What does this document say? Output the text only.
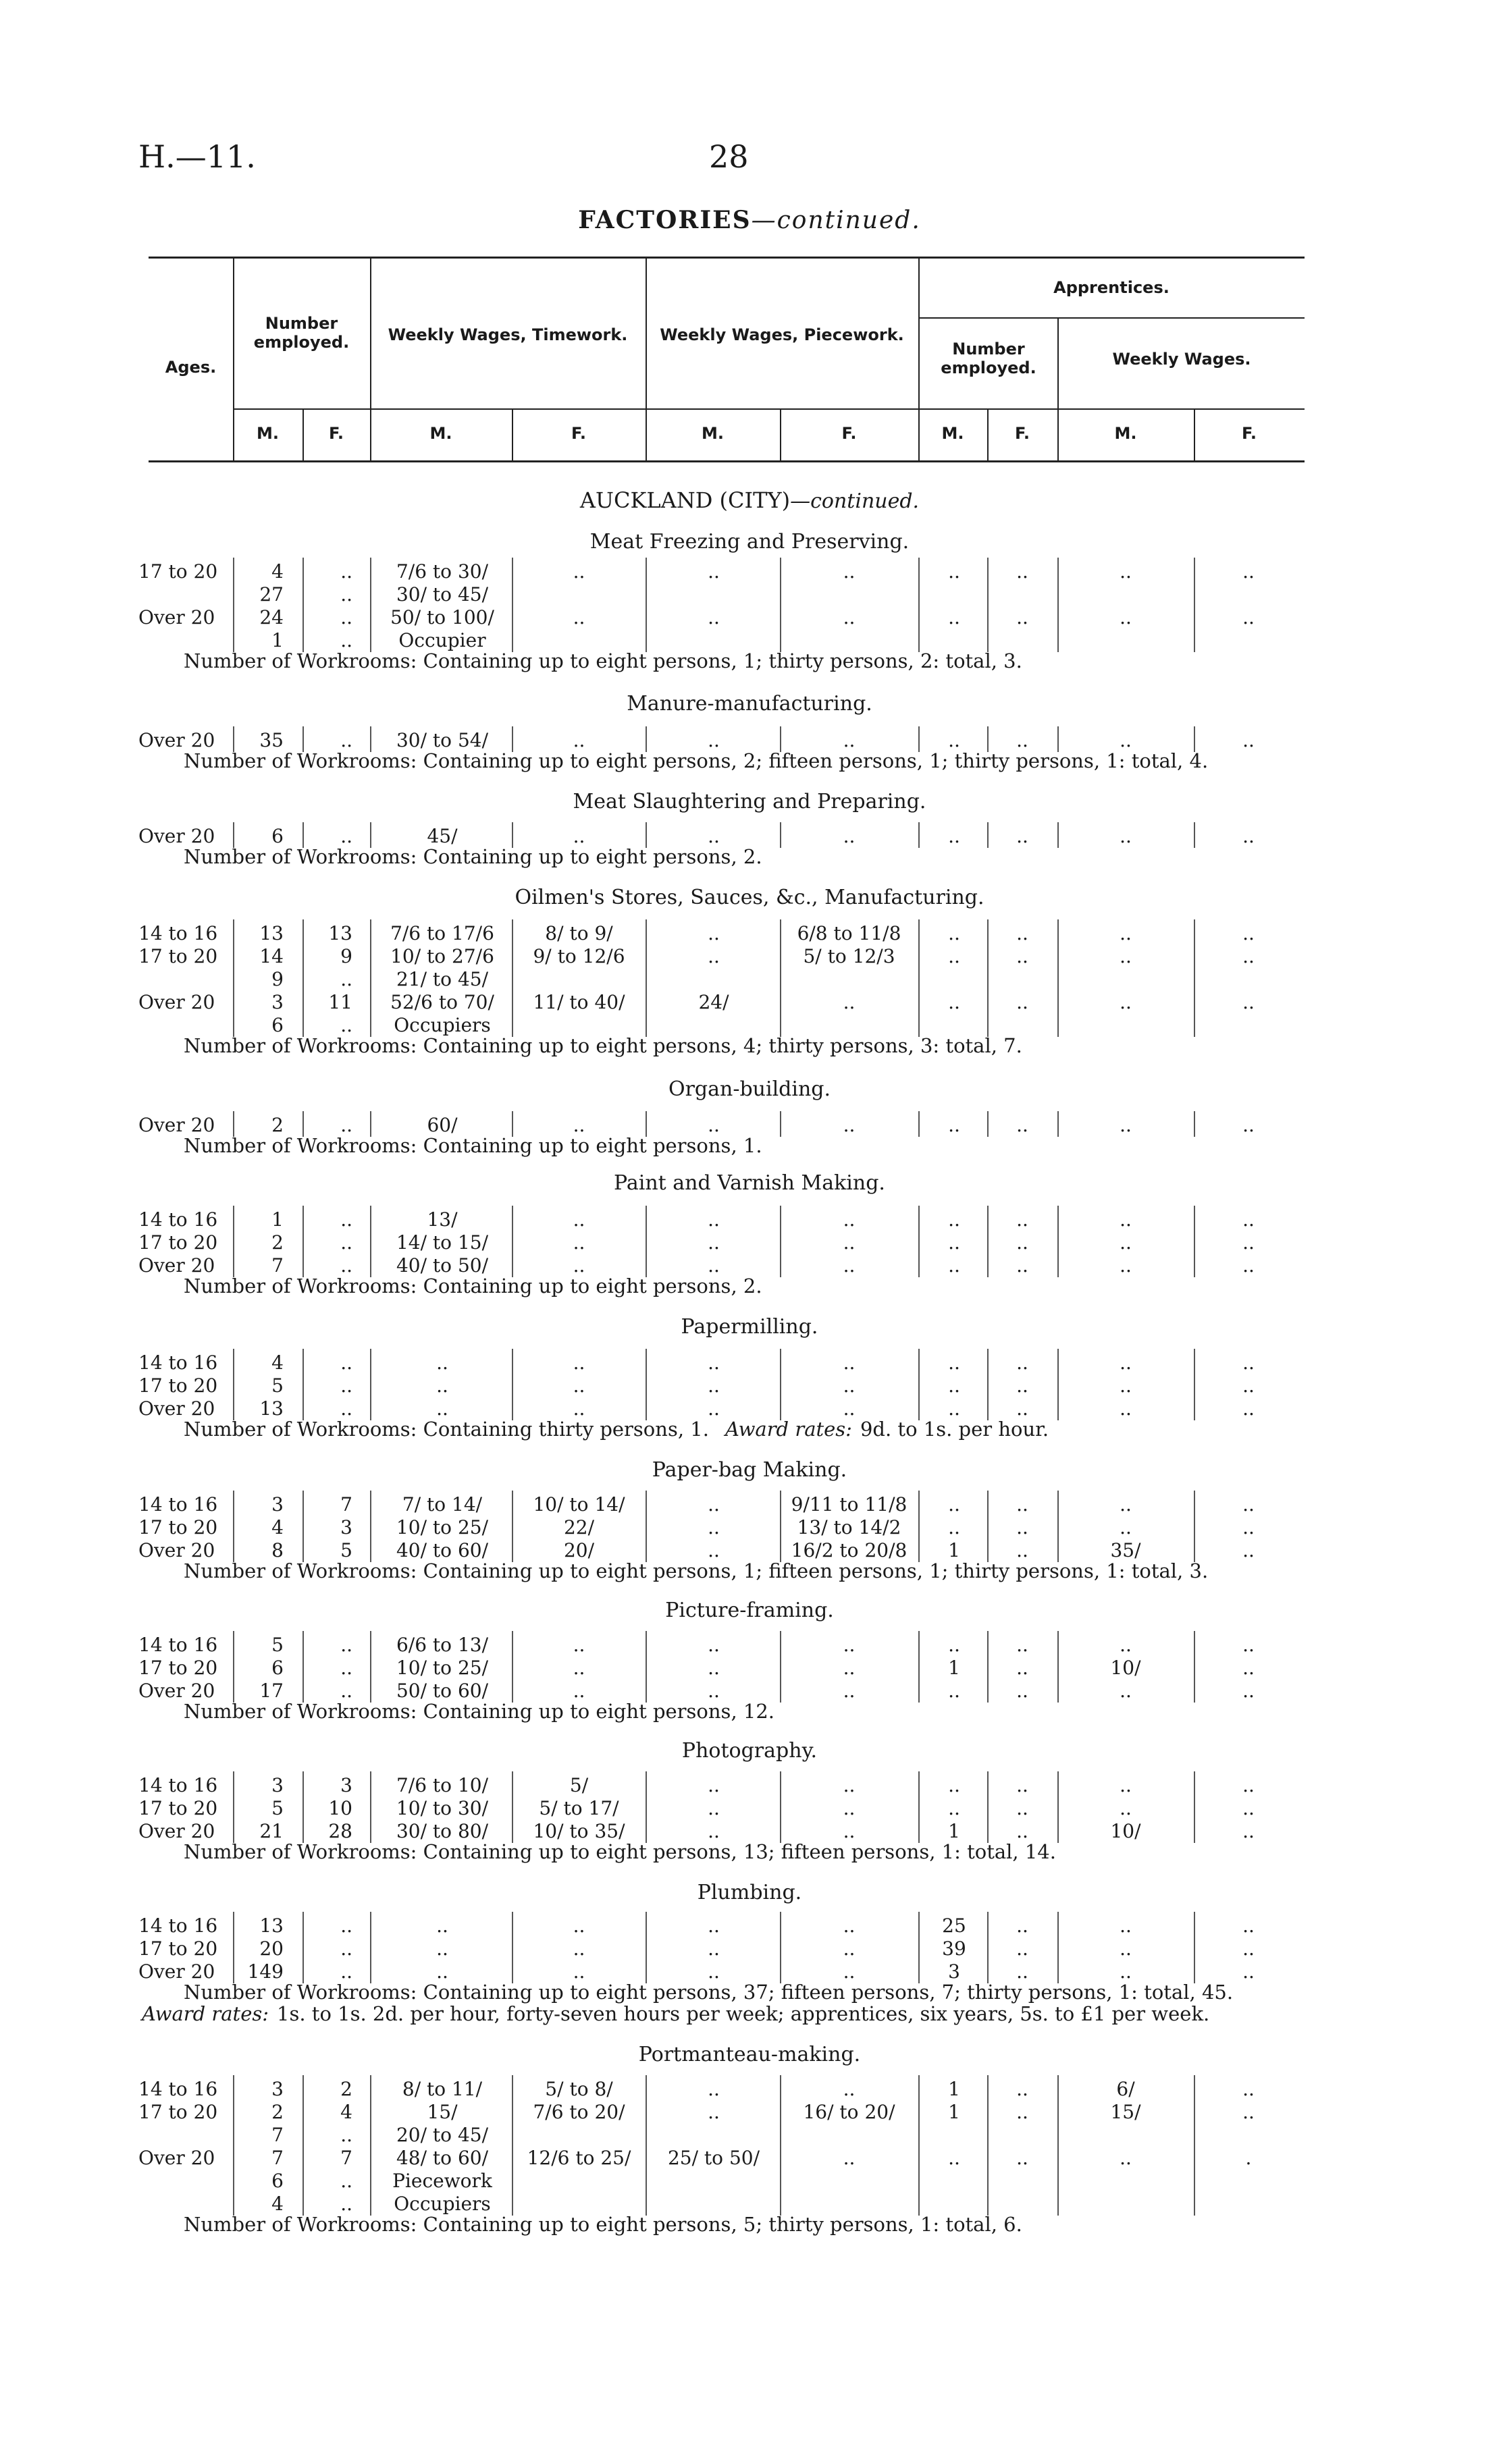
H.—11.	28
FACTORIES—continued.
Ages.
Number employed.	Weekly Wages, Timework.	Weekly Wages, Piecework.
Apprentices.
Number employed.	Weekly Wages.
M.	F.	M.	F.	M.	F.	M.	F.	M.	F.
AUCKLAND (CITY)—continued.
Meat Freezing and Preserving.
17 to 20	4	..	7/6 to 30/	..	..	..	..	..	..	..
27	..	30/ to 45/
Over 20	24	..	50/ to 100/	..	..	..	..	..	..	..
1	..	Occupier
Number of Workrooms: Containing up to eight persons, 1; thirty persons, 2: total, 3.
Manure-manufacturing.
Over 20	35	..	30/ to 54/	..	..	..	..	..	..	..
Number of Workrooms: Containing up to eight persons, 2; fifteen persons, 1; thirty persons, 1: total, 4.
Meat Slaughtering and Preparing.
Over 20	6	..	45/	..	..	..	..	..	..	..
Number of Workrooms: Containing up to eight persons, 2.
Oilmen's Stores, Sauces, &c., Manufacturing.
14 to 16	13	13	7/6 to 17/6	8/ to 9/	..	6/8 to 11/8	..	..	..	..
17 to 20	14	9	10/ to 27/6	9/ to 12/6	..	5/ to 12/3	..	..	..	..
9	..	21/ to 45/
Over 20	3	11	52/6 to 70/	11/ to 40/	24/	..	..	..	..	..
6	..	Occupiers
Number of Workrooms: Containing up to eight persons, 4; thirty persons, 3: total, 7.
Organ-building.
Over 20	2	..	60/	..	..	..	..	..	..	..
Number of Workrooms: Containing up to eight persons, 1.
Paint and Varnish Making.
14 to 16	1	..	13/	..	..	..	..	..	..	..
17 to 20	2	..	14/ to 15/	..	..	..	..	..	..	..
Over 20	7	..	40/ to 50/	..	..	..	..	..	..	..
Number of Workrooms: Containing up to eight persons, 2.
Papermilling.
14 to 16	4	..	..	..	..	..	..	..	..	..
17 to 20	5	..	..	..	..	..	..	..	..	..
Over 20	13	..	..	..	..	..	..	..	..	..
Number of Workrooms: Containing thirty persons, 1. Award rates: 9d. to 1s. per hour.
Paper-bag Making.
14 to 16	3	7	7/ to 14/	10/ to 14/	..	9/11 to 11/8	..	..	..	..
17 to 20	4	3	10/ to 25/	22/	..	13/ to 14/2	..	..	..	..
Over 20	8	5	40/ to 60/	20/	..	16/2 to 20/8	1	..	35/	..
Number of Workrooms: Containing up to eight persons, 1; fifteen persons, 1; thirty persons, 1: total, 3.
Picture-framing.
14 to 16	5	..	6/6 to 13/	..	..	..	..	..	..	..
17 to 20	6	..	10/ to 25/	..	..	..	1	..	10/	..
Over 20	17	..	50/ to 60/	..	..	..	..	..	..	..
Number of Workrooms: Containing up to eight persons, 12.
Photography.
14 to 16	3	3	7/6 to 10/	5/	..	..	..	..	..	..
17 to 20	5	10	10/ to 30/	5/ to 17/	..	..	..	..	..	..
Over 20	21	28	30/ to 80/	10/ to 35/	..	..	1	..	10/	..
Number of Workrooms: Containing up to eight persons, 13; fifteen persons, 1: total, 14.
Plumbing.
14 to 16	13	..	..	..	..	..	25	..	..	..
17 to 20	20	..	..	..	..	..	39	..	..	..
Over 20	149	..	..	..	..	..	3	..	..	..
Number of Workrooms: Containing up to eight persons, 37; fifteen persons, 7; thirty persons, 1: total, 45.
Award rates: 1s. to 1s. 2d. per hour, forty-seven hours per week; apprentices, six years, 5s. to £1 per week.
Portmanteau-making.
14 to 16	3	2	8/ to 11/	5/ to 8/	..	..	1	..	6/	..
17 to 20	2	4	15/	7/6 to 20/	..	16/ to 20/	1	..	15/	..
7	..	20/ to 45/
Over 20	7	7	48/ to 60/	12/6 to 25/	25/ to 50/	..	..	..	..	.
6	..	Piecework
4	..	Occupiers
Number of Workrooms: Containing up to eight persons, 5; thirty persons, 1: total, 6.
